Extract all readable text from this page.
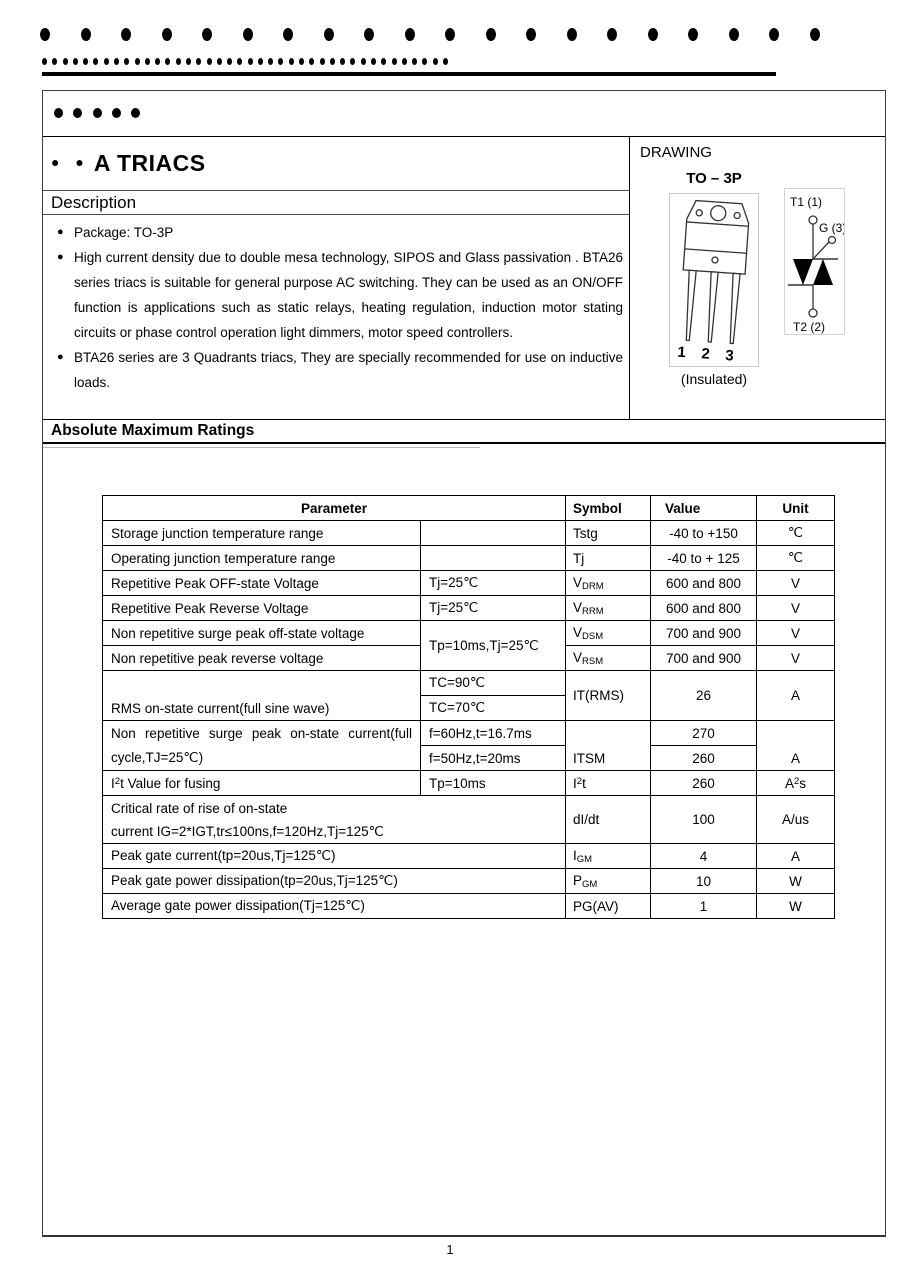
● ● A TRIACS
Description
● Package: TO-3P
● High current density due to double mesa technology, SIPOS and Glass passivation . BTA26 series triacs is suitable for general purpose AC switching. They can be used as an ON/OFF function is applications such as static relays, heating regulation, induction motor stating circuits or phase control operation light dimmers, motor speed controllers.
● BTA26 series are 3 Quadrants triacs, They are specially recommended for use on inductive loads.
DRAWING
TO – 3P
1 2 3
(Insulated)
T1 (1)
G (3)
T2 (2)
Absolute Maximum Ratings
Parameter		Symbol	Value	Unit
Storage junction temperature range		Tstg	-40 to +150	℃
Operating junction temperature range		Tj	-40 to + 125	℃
Repetitive Peak OFF-state Voltage	Tj=25℃	$V_{DRM}$	600 and 800	V
Repetitive Peak Reverse Voltage	Tj=25℃	$V_{RRM}$	600 and 800	V
Non repetitive surge peak off-state voltage	Tp=10ms,Tj=25℃	$V_{DSM}$	700 and 900	V
Non repetitive peak reverse voltage		$V_{RSM}$	700 and 900	V
RMS on-state current(full sine wave)	TC=90℃	IT(RMS)	26	A
	TC=70℃			
Non repetitive surge peak on-state current(full cycle,TJ=25℃)	f=60Hz,t=16.7ms	ITSM	270	A
	f=50Hz,t=20ms		260	
$I^2t$ Value for fusing	Tp=10ms	$I^2t$	260	$A^2s$

Critical rate of rise of on-state
current IG=2*IGT,tr≤100ns,f=120Hz,Tj=125℃		dI/dt	100	A/us
Peak gate current(tp=20us,Tj=125℃)		$I_{GM}$	4	A
Peak gate power dissipation(tp=20us,Tj=125℃)		$P_{GM}$	10	W
Average gate power dissipation(Tj=125℃)		PG(AV)	1	W
1
